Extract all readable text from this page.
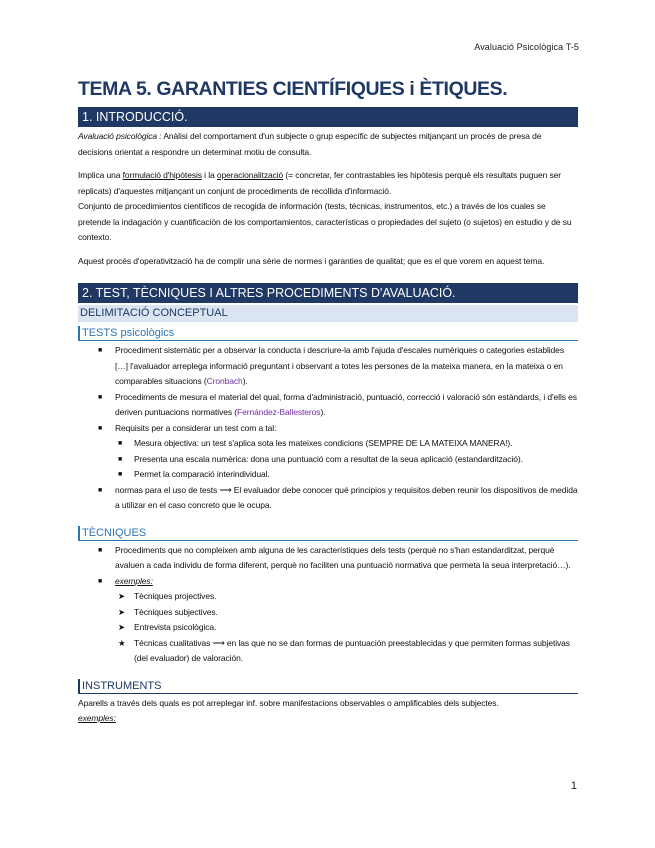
Avaluació Psicològica T-5
TEMA 5. GARANTIES CIENTÍFIQUES i ÈTIQUES.
1. INTRODUCCIÓ.

Avaluació psicològica : Anàlisi del comportament d'un subjecte o grup específic de subjectes mitjançant un procés de presa de decisions orientat a respondre un determinat motiu de consulta.

Implica una formulació d'hipòtesis i la operacionalització (= concretar, fer contrastables les hipòtesis perquè els resultats puguen ser replicats) d'aquestes mitjançant un conjunt de procediments de recollida d'informació.

Conjunto de procedimientos científicos de recogida de información (tests, técnicas, instrumentos, etc.) a través de los cuales se pretende la indagación y cuantificación de los comportamientos, características o propiedades del sujeto (o sujetos) en estudio y de su contexto.

Aquest procés d'operativització ha de complir una sèrie de normes i garanties de qualitat; que es el que vorem en aquest tema.

2. TEST, TÈCNIQUES I ALTRES PROCEDIMENTS D'AVALUACIÓ.
DELIMITACIÓ CONCEPTUAL
TESTS psicològics
■ Procediment sistemàtic per a observar la conducta i descriure-la amb l'ajuda d'escales numèriques o categories establides […] l'avaluador arreplega informació preguntant i observant a totes les persones de la mateixa manera, en la mateixa o en comparables situacions (Cronbach).
■ Procediments de mesura el material del qual, forma d'administració, puntuació, correcció i valoració són estàndards, i d'ells es deriven puntuacions normatives (Fernández-Ballesteros).
■ Requisits per a considerar un test com a tal:
■ Mesura objectiva: un test s'aplica sota les mateixes condicions (SEMPRE DE LA MATEIXA MANERA!).
■ Presenta una escala numèrica: dona una puntuació com a resultat de la seua aplicació (estandardització).
■ Permet la comparació interindividual.
■ normas para el uso de tests ⟶ El evaluador debe conocer qué principios y requisitos deben reunir los dispositivos de medida a utilizar en el caso concreto que le ocupa.
TÈCNIQUES
■ Procediments que no compleixen amb alguna de les característiques dels tests (perquè no s'han estandarditzat, perquè avaluen a cada individu de forma diferent, perquè no faciliten una puntuació normativa que permeta la seua interpretació…).
■ exemples:
➤ Tècniques projectives.
➤ Tècniques subjectives.
➤ Entrevista psicològica.
★ Técnicas cualitativas ⟶ en las que no se dan formas de puntuación preestablecidas y que permiten formas subjetivas (del evaluador) de valoración.
INSTRUMENTS

Aparells a través dels quals es pot arreplegar inf. sobre manifestacions observables o amplificables dels subjectes.

exemples:

1
